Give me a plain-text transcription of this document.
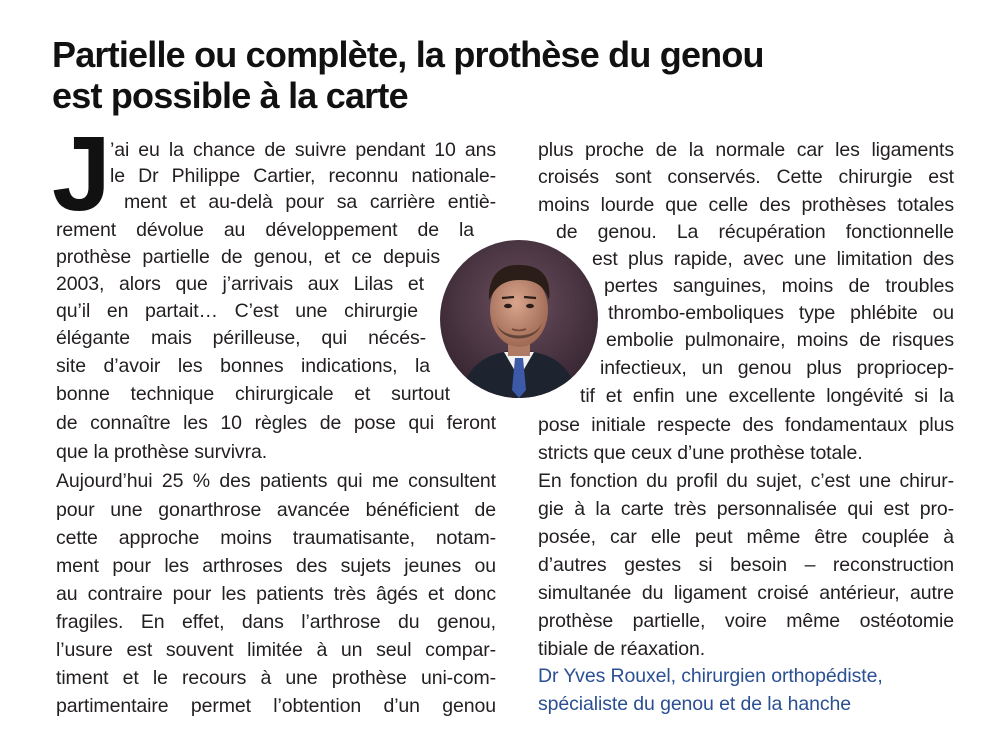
Partielle ou complète, la prothèse du genou
est possible à la carte
J ’ai eu la chance de suivre pendant 10 ans
le Dr Philippe Cartier, reconnu nationale-
ment et au-delà pour sa carrière entiè-
rement dévolue au développement de la
prothèse partielle de genou, et ce depuis
2003, alors que j’arrivais aux Lilas et
qu’il en partait… C’est une chirurgie
élégante mais périlleuse, qui nécés-
site d’avoir les bonnes indications, la
bonne technique chirurgicale et surtout
de connaître les 10 règles de pose qui feront
que la prothèse survivra.
Aujourd’hui 25 % des patients qui me consultent
pour une gonarthrose avancée bénéficient de
cette approche moins traumatisante, notam-
ment pour les arthroses des sujets jeunes ou
au contraire pour les patients très âgés et donc
fragiles. En effet, dans l’arthrose du genou,
l’usure est souvent limitée à un seul compar-
timent et le recours à une prothèse uni-com-
partimentaire permet l’obtention d’un genou
plus proche de la normale car les ligaments
croisés sont conservés. Cette chirurgie est
moins lourde que celle des prothèses totales
de genou. La récupération fonctionnelle
est plus rapide, avec une limitation des
pertes sanguines, moins de troubles
thrombo-emboliques type phlébite ou
embolie pulmonaire, moins de risques
infectieux, un genou plus propriocep-
tif et enfin une excellente longévité si la
pose initiale respecte des fondamentaux plus
stricts que ceux d’une prothèse totale.
En fonction du profil du sujet, c’est une chirur-
gie à la carte très personnalisée qui est pro-
posée, car elle peut même être couplée à
d’autres gestes si besoin – reconstruction
simultanée du ligament croisé antérieur, autre
prothèse partielle, voire même ostéotomie
tibiale de réaxation.
Dr Yves Rouxel, chirurgien orthopédiste,
spécialiste du genou et de la hanche
